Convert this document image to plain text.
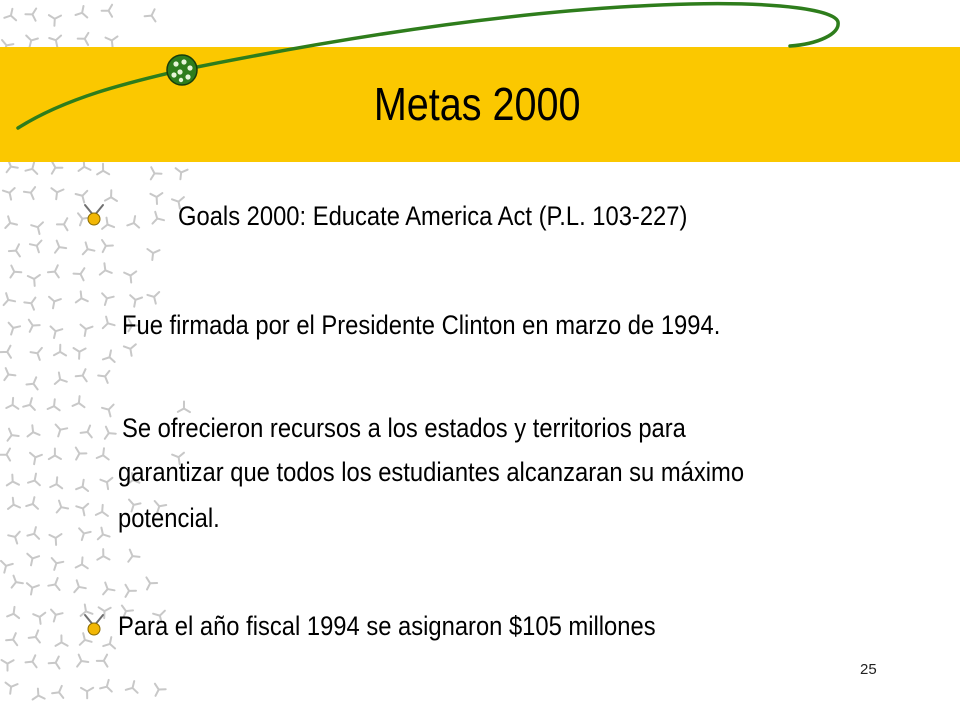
Metas 2000
Goals 2000: Educate America Act (P.L. 103-227)
Fue firmada por el Presidente Clinton en marzo de 1994.
Se ofrecieron recursos a los estados y territorios para
garantizar que todos los estudiantes alcanzaran su máximo
potencial.
Para el año fiscal 1994 se asignaron $105 millones
25
